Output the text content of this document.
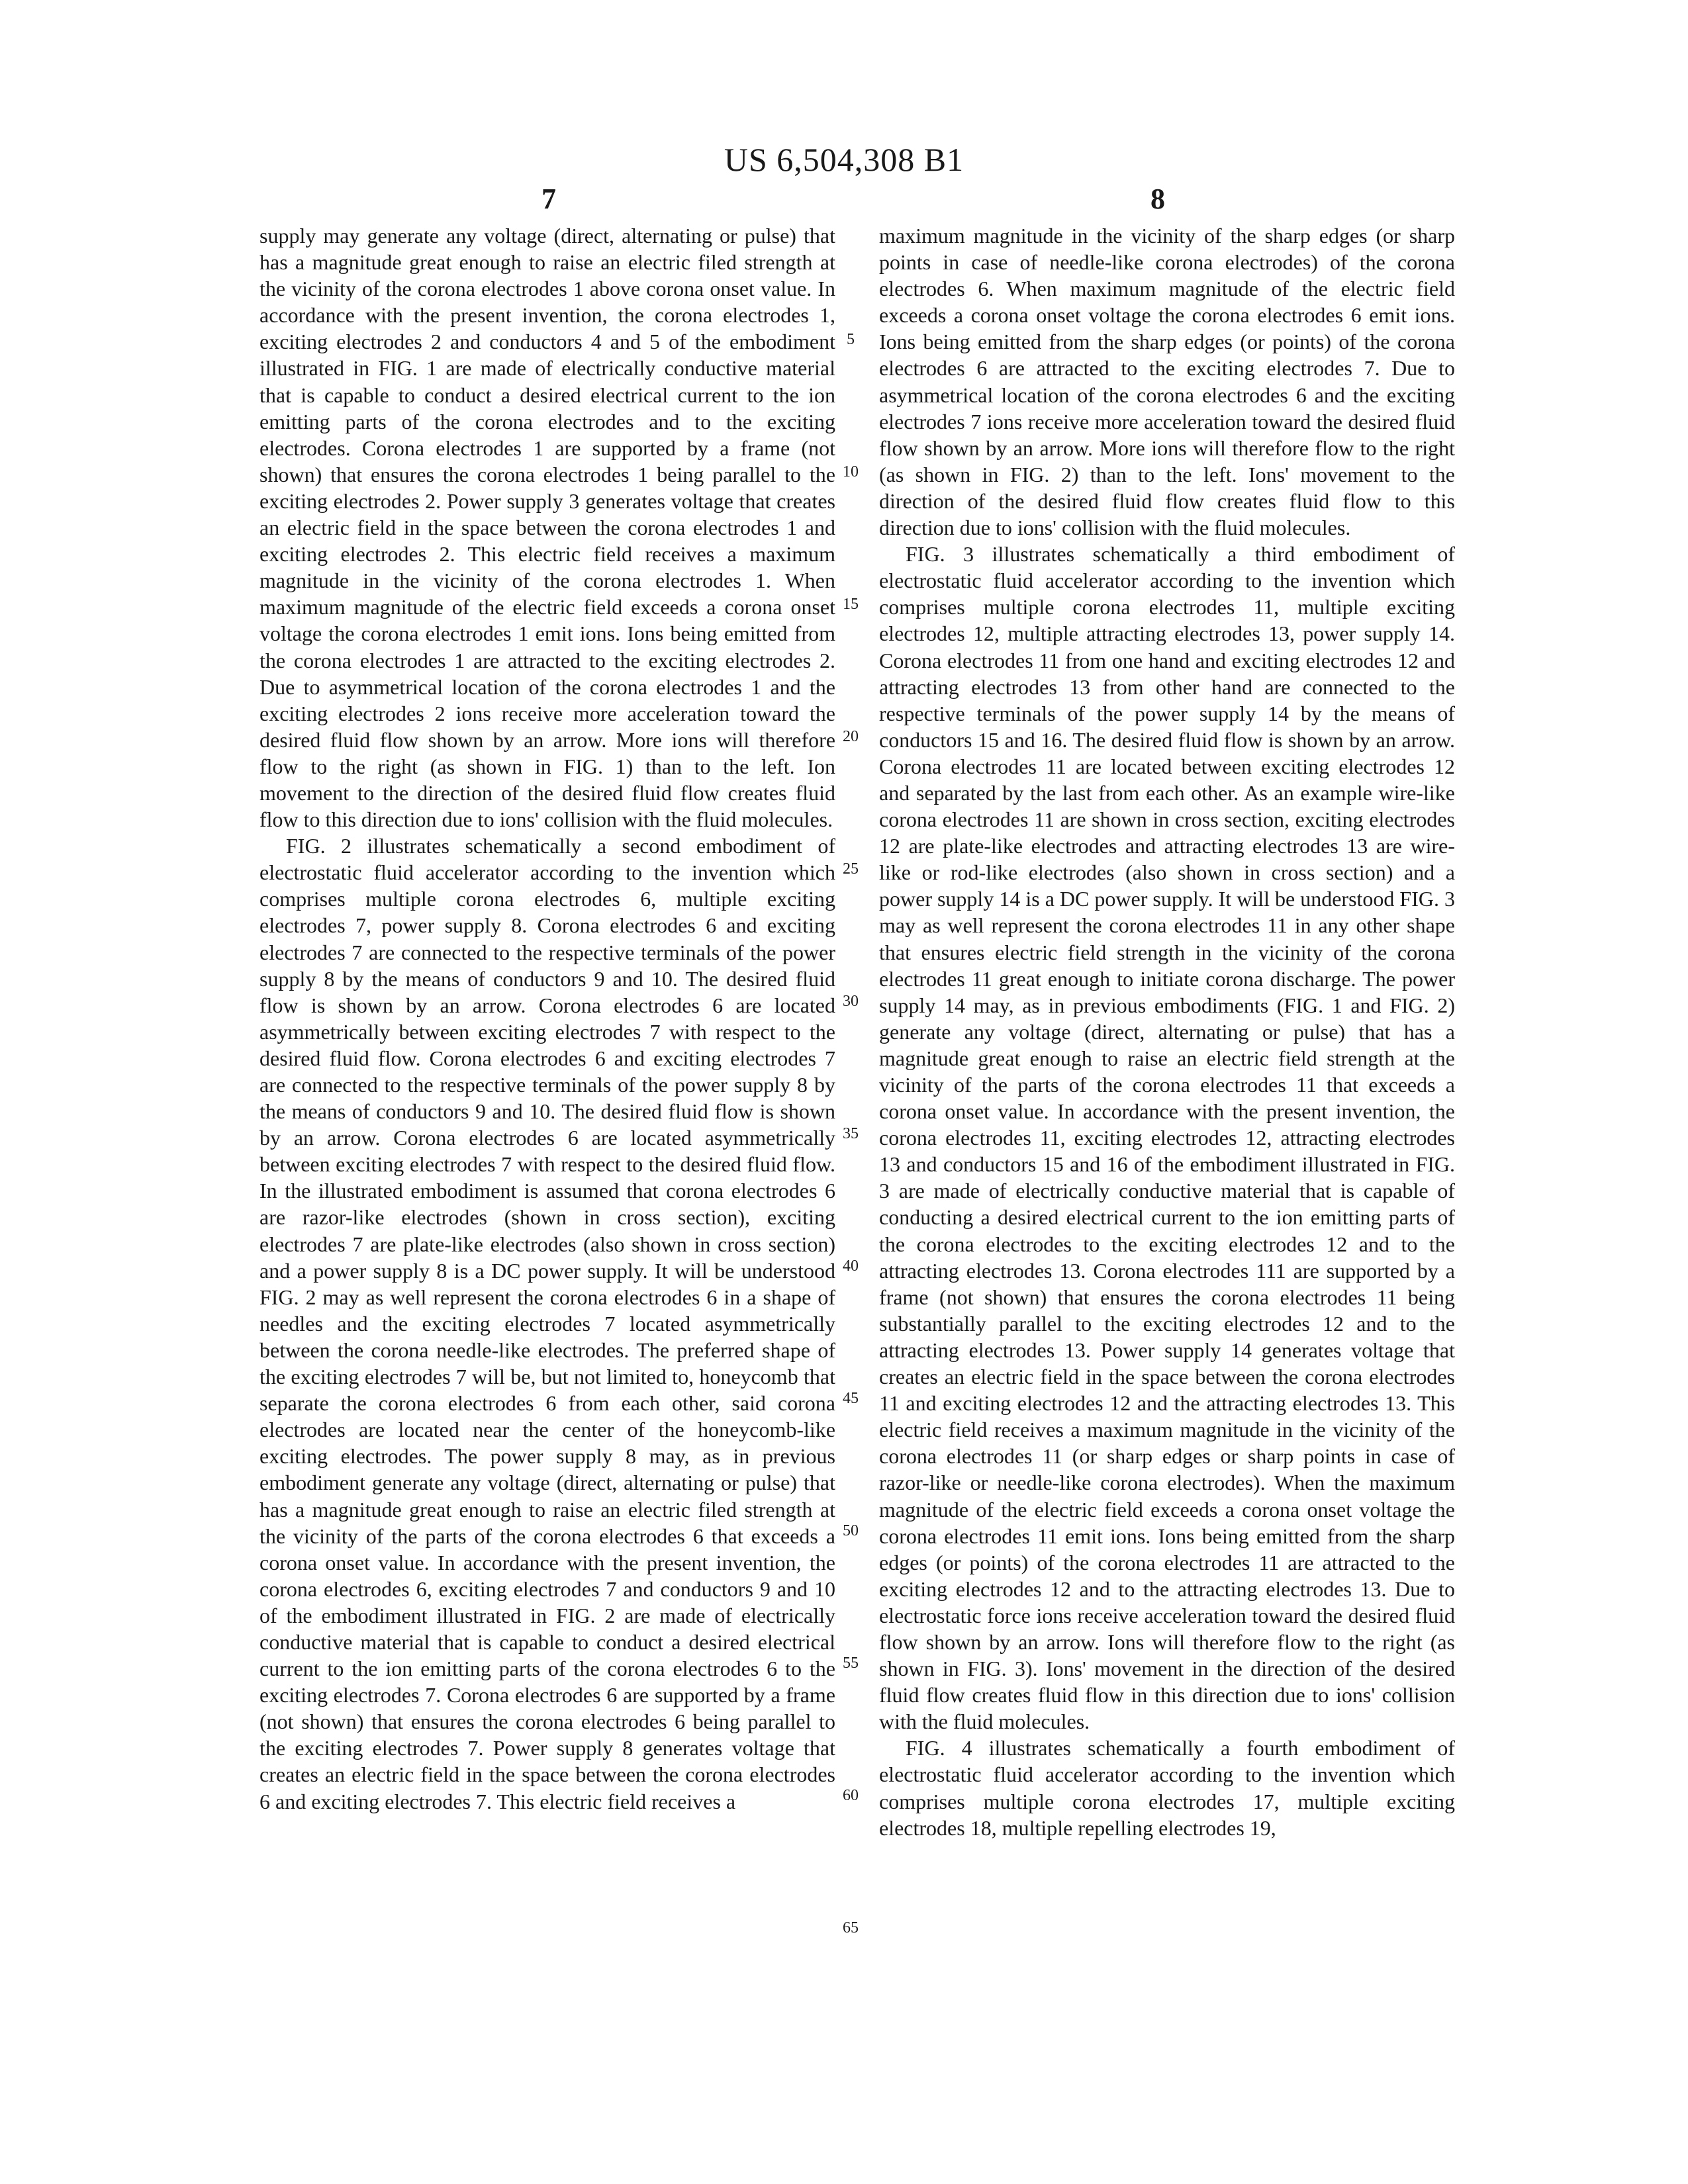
US 6,504,308 B1
7	8

supply may generate any voltage (direct, alternating or pulse) that has a magnitude great enough to raise an electric filed strength at the vicinity of the corona electrodes 1 above corona onset value. In accordance with the present invention, the corona electrodes 1, exciting electrodes 2 and conductors 4 and 5 of the embodiment illustrated in FIG. 1 are made of electrically conductive material that is capable to conduct a desired electrical current to the ion emitting parts of the corona electrodes and to the exciting electrodes. Corona electrodes 1 are supported by a frame (not shown) that ensures the corona electrodes 1 being parallel to the exciting electrodes 2. Power supply 3 generates voltage that creates an electric field in the space between the corona electrodes 1 and exciting electrodes 2. This electric field receives a maximum magnitude in the vicinity of the corona electrodes 1. When maximum magnitude of the electric field exceeds a corona onset voltage the corona electrodes 1 emit ions. Ions being emitted from the corona electrodes 1 are attracted to the exciting electrodes 2. Due to asymmetrical location of the corona electrodes 1 and the exciting electrodes 2 ions receive more acceleration toward the desired fluid flow shown by an arrow. More ions will therefore flow to the right (as shown in FIG. 1) than to the left. Ion movement to the direction of the desired fluid flow creates fluid flow to this direction due to ions' collision with the fluid molecules.

FIG. 2 illustrates schematically a second embodiment of electrostatic fluid accelerator according to the invention which comprises multiple corona electrodes 6, multiple exciting electrodes 7, power supply 8. Corona electrodes 6 and exciting electrodes 7 are connected to the respective terminals of the power supply 8 by the means of conductors 9 and 10. The desired fluid flow is shown by an arrow. Corona electrodes 6 are located asymmetrically between exciting electrodes 7 with respect to the desired fluid flow. Corona electrodes 6 and exciting electrodes 7 are connected to the respective terminals of the power supply 8 by the means of conductors 9 and 10. The desired fluid flow is shown by an arrow. Corona electrodes 6 are located asymmetrically between exciting electrodes 7 with respect to the desired fluid flow. In the illustrated embodiment is assumed that corona electrodes 6 are razor-like electrodes (shown in cross section), exciting electrodes 7 are plate-like electrodes (also shown in cross section) and a power supply 8 is a DC power supply. It will be understood FIG. 2 may as well represent the corona electrodes 6 in a shape of needles and the exciting electrodes 7 located asymmetrically between the corona needle-like electrodes. The preferred shape of the exciting electrodes 7 will be, but not limited to, honeycomb that separate the corona electrodes 6 from each other, said corona electrodes are located near the center of the honeycomb-like exciting electrodes. The power supply 8 may, as in previous embodiment generate any voltage (direct, alternating or pulse) that has a magnitude great enough to raise an electric filed strength at the vicinity of the parts of the corona electrodes 6 that exceeds a corona onset value. In accordance with the present invention, the corona electrodes 6, exciting electrodes 7 and conductors 9 and 10 of the embodiment illustrated in FIG. 2 are made of electrically conductive material that is capable to conduct a desired electrical current to the ion emitting parts of the corona electrodes 6 to the exciting electrodes 7. Corona electrodes 6 are supported by a frame (not shown) that ensures the corona electrodes 6 being parallel to the exciting electrodes 7. Power supply 8 generates voltage that creates an electric field in the space between the corona electrodes 6 and exciting electrodes 7. This electric field receives a

maximum magnitude in the vicinity of the sharp edges (or sharp points in case of needle-like corona electrodes) of the corona electrodes 6. When maximum magnitude of the electric field exceeds a corona onset voltage the corona electrodes 6 emit ions. Ions being emitted from the sharp edges (or points) of the corona electrodes 6 are attracted to the exciting electrodes 7. Due to asymmetrical location of the corona electrodes 6 and the exciting electrodes 7 ions receive more acceleration toward the desired fluid flow shown by an arrow. More ions will therefore flow to the right (as shown in FIG. 2) than to the left. Ions' movement to the direction of the desired fluid flow creates fluid flow to this direction due to ions' collision with the fluid molecules.

FIG. 3 illustrates schematically a third embodiment of electrostatic fluid accelerator according to the invention which comprises multiple corona electrodes 11, multiple exciting electrodes 12, multiple attracting electrodes 13, power supply 14. Corona electrodes 11 from one hand and exciting electrodes 12 and attracting electrodes 13 from other hand are connected to the respective terminals of the power supply 14 by the means of conductors 15 and 16. The desired fluid flow is shown by an arrow. Corona electrodes 11 are located between exciting electrodes 12 and separated by the last from each other. As an example wire-like corona electrodes 11 are shown in cross section, exciting electrodes 12 are plate-like electrodes and attracting electrodes 13 are wire-like or rod-like electrodes (also shown in cross section) and a power supply 14 is a DC power supply. It will be understood FIG. 3 may as well represent the corona electrodes 11 in any other shape that ensures electric field strength in the vicinity of the corona electrodes 11 great enough to initiate corona discharge. The power supply 14 may, as in previous embodiments (FIG. 1 and FIG. 2) generate any voltage (direct, alternating or pulse) that has a magnitude great enough to raise an electric field strength at the vicinity of the parts of the corona electrodes 11 that exceeds a corona onset value. In accordance with the present invention, the corona electrodes 11, exciting electrodes 12, attracting electrodes 13 and conductors 15 and 16 of the embodiment illustrated in FIG. 3 are made of electrically conductive material that is capable of conducting a desired electrical current to the ion emitting parts of the corona electrodes to the exciting electrodes 12 and to the attracting electrodes 13. Corona electrodes 111 are supported by a frame (not shown) that ensures the corona electrodes 11 being substantially parallel to the exciting electrodes 12 and to the attracting electrodes 13. Power supply 14 generates voltage that creates an electric field in the space between the corona electrodes 11 and exciting electrodes 12 and the attracting electrodes 13. This electric field receives a maximum magnitude in the vicinity of the corona electrodes 11 (or sharp edges or sharp points in case of razor-like or needle-like corona electrodes). When the maximum magnitude of the electric field exceeds a corona onset voltage the corona electrodes 11 emit ions. Ions being emitted from the sharp edges (or points) of the corona electrodes 11 are attracted to the exciting electrodes 12 and to the attracting electrodes 13. Due to electrostatic force ions receive acceleration toward the desired fluid flow shown by an arrow. Ions will therefore flow to the right (as shown in FIG. 3). Ions' movement in the direction of the desired fluid flow creates fluid flow in this direction due to ions' collision with the fluid molecules.

FIG. 4 illustrates schematically a fourth embodiment of electrostatic fluid accelerator according to the invention which comprises multiple corona electrodes 17, multiple exciting electrodes 18, multiple repelling electrodes 19,

5
10
15
20
25
30
35
40
45
50
55
60
65
